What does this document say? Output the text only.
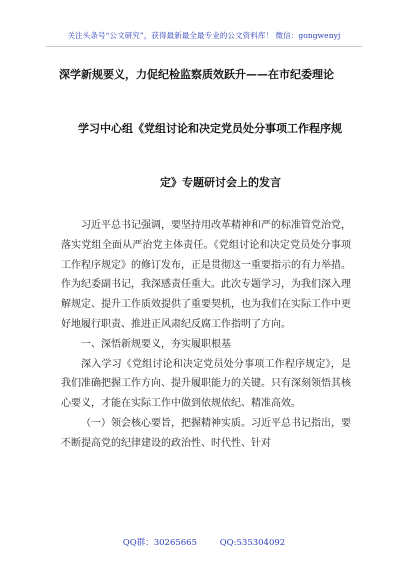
关注头条号“公文研究”，获得最新最全最专业的公文资料库！ 微信：gongwenyj
深学新规要义，力促纪检监察质效跃升——在市纪委理论
学习中心组《党组讨论和决定党员处分事项工作程序规
定》专题研讨会上的发言

习近平总书记强调，要坚持用改革精神和严的标准管党治党，落实党组全面从严治党主体责任。《党组讨论和决定党员处分事项工作程序规定》的修订发布，正是贯彻这一重要指示的有力举措。作为纪委副书记，我深感责任重大。此次专题学习，为我们深入理解规定、提升工作质效提供了重要契机，也为我们在实际工作中更好地履行职责、推进正风肃纪反腐工作指明了方向。

一、深悟新规要义，夯实履职根基

深入学习《党组讨论和决定党员处分事项工作程序规定》，是我们准确把握工作方向、提升履职能力的关键。只有深刻领悟其核心要义，才能在实际工作中做到依规依纪、精准高效。

（一）领会核心要旨，把握精神实质。习近平总书记指出，要不断提高党的纪律建设的政治性、时代性、针对

QQ群：30265665	QQ:535304092
